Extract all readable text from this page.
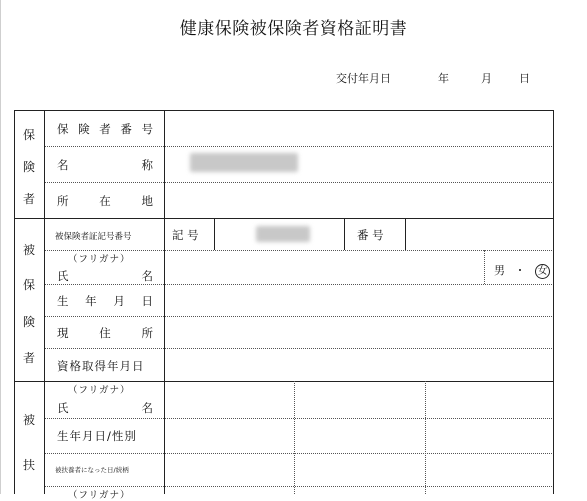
健康保険被保険者資格証明書
交付年月日	年	月 日
保
険
者
保 険 者 番 号
名	称
所	在	地
被
保
険
者
被保険者証記号番号	記 号	番 号
（フリガナ）
氏	名	男 ・ 女
生 年 月 日
現	住	所
資格取得年月日
被
扶
（フリガナ）
氏	名
生年月日/性別
被扶養者になった日/続柄
（フリガナ）
